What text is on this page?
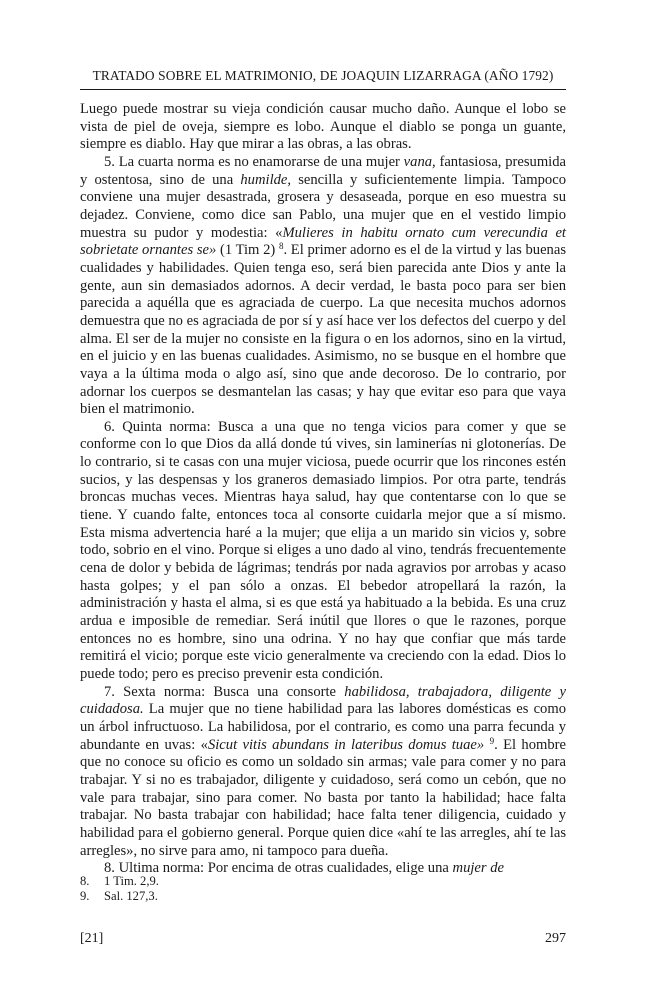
TRATADO SOBRE EL MATRIMONIO, DE JOAQUIN LIZARRAGA (AÑO 1792)

Luego puede mostrar su vieja condición causar mucho daño. Aunque el lobo se vista de piel de oveja, siempre es lobo. Aunque el diablo se ponga un guante, siempre es diablo. Hay que mirar a las obras, a las obras.

5. La cuarta norma es no enamorarse de una mujer vana, fantasiosa, presumida y ostentosa, sino de una humilde, sencilla y suficientemente limpia. Tampoco conviene una mujer desastrada, grosera y desaseada, porque en eso muestra su dejadez. Conviene, como dice san Pablo, una mujer que en el vestido limpio muestra su pudor y modestia: «Mulieres in habitu ornato cum verecundia et sobrietate ornantes se» (1 Tim 2) $^8$. El primer adorno es el de la virtud y las buenas cualidades y habilidades. Quien tenga eso, será bien parecida ante Dios y ante la gente, aun sin demasiados adornos. A decir verdad, le basta poco para ser bien parecida a aquélla que es agraciada de cuerpo. La que necesita muchos adornos demuestra que no es agraciada de por sí y así hace ver los defectos del cuerpo y del alma. El ser de la mujer no consiste en la figura o en los adornos, sino en la virtud, en el juicio y en las buenas cualidades. Asimismo, no se busque en el hombre que vaya a la última moda o algo así, sino que ande decoroso. De lo contrario, por adornar los cuerpos se desmantelan las casas; y hay que evitar eso para que vaya bien el matrimonio.

6. Quinta norma: Busca a una que no tenga vicios para comer y que se conforme con lo que Dios da allá donde tú vives, sin laminerías ni glotonerías. De lo contrario, si te casas con una mujer viciosa, puede ocurrir que los rincones estén sucios, y las despensas y los graneros demasiado limpios. Por otra parte, tendrás broncas muchas veces. Mientras haya salud, hay que contentarse con lo que se tiene. Y cuando falte, entonces toca al consorte cuidarla mejor que a sí mismo. Esta misma advertencia haré a la mujer; que elija a un marido sin vicios y, sobre todo, sobrio en el vino. Porque si eliges a uno dado al vino, tendrás frecuentemente cena de dolor y bebida de lágrimas; tendrás por nada agravios por arrobas y acaso hasta golpes; y el pan sólo a onzas. El bebedor atropellará la razón, la administración y hasta el alma, si es que está ya habituado a la bebida. Es una cruz ardua e imposible de remediar. Será inútil que llores o que le razones, porque entonces no es hombre, sino una odrina. Y no hay que confiar que más tarde remitirá el vicio; porque este vicio generalmente va creciendo con la edad. Dios lo puede todo; pero es preciso prevenir esta condición.

7. Sexta norma: Busca una consorte habilidosa, trabajadora, diligente y cuidadosa. La mujer que no tiene habilidad para las labores domésticas es como un árbol infructuoso. La habilidosa, por el contrario, es como una parra fecunda y abundante en uvas: «Sicut vitis abundans in lateribus domus tuae» $^9$. El hombre que no conoce su oficio es como un soldado sin armas; vale para comer y no para trabajar. Y si no es trabajador, diligente y cuidadoso, será como un cebón, que no vale para trabajar, sino para comer. No basta por tanto la habilidad; hace falta trabajar. No basta trabajar con habilidad; hace falta tener diligencia, cuidado y habilidad para el gobierno general. Porque quien dice «ahí te las arregles, ahí te las arregles», no sirve para amo, ni tampoco para dueña.

8. Ultima norma: Por encima de otras cualidades, elige una mujer de

8.	1 Tim. 2,9.
9.	Sal. 127,3.
[21]	297
